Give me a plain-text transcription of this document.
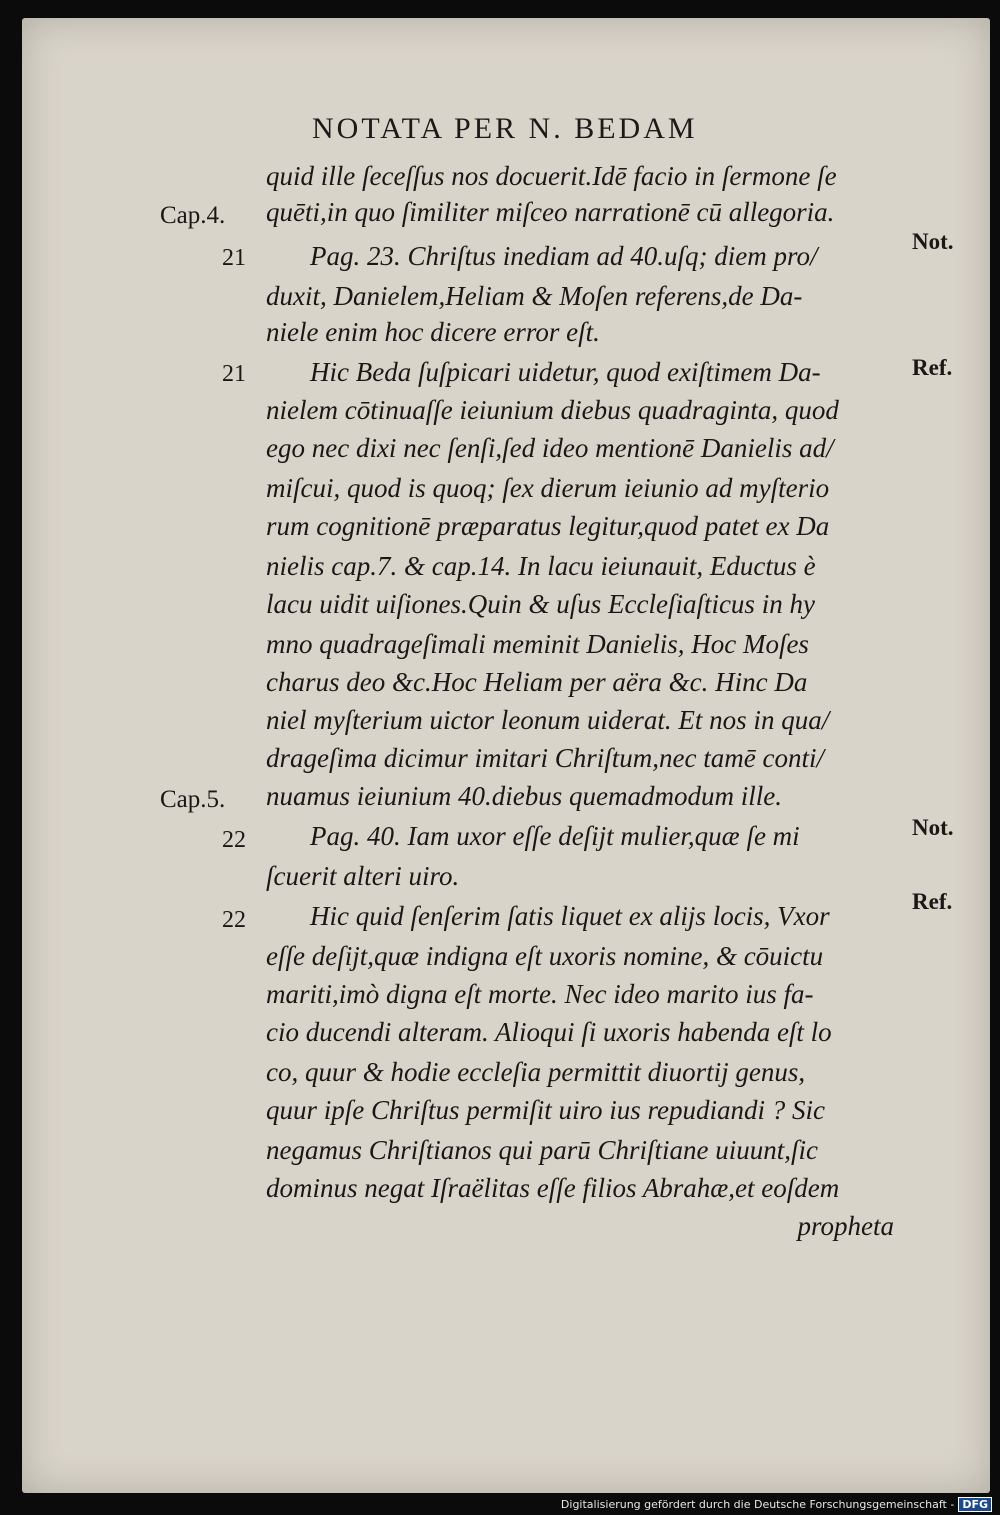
NOTATA PER N. BEDAM
quid ille ſeceſſus nos docuerit.Idē facio in ſermone ſe
quēti,in quo ſimiliter miſceo narrationē cū allegoria.
Pag. 23. Chriſtus inediam ad 40.uſq; diem pro/
duxit, Danielem,Heliam & Moſen referens,de Da-
niele enim hoc dicere error eſt.
Hic Beda ſuſpicari uidetur, quod exiſtimem Da-
nielem cōtinuaſſe ieiunium diebus quadraginta, quod
ego nec dixi nec ſenſi,ſed ideo mentionē Danielis ad/
miſcui, quod is quoq; ſex dierum ieiunio ad myſterio
rum cognitionē præparatus legitur,quod patet ex Da
nielis cap.7. & cap.14. In lacu ieiunauit, Eductus è
lacu uidit uiſiones.Quin & uſus Eccleſiaſticus in hy
mno quadrageſimali meminit Danielis, Hoc Moſes
charus deo &c.Hoc Heliam per aëra &c. Hinc Da
niel myſterium uictor leonum uiderat. Et nos in qua/
drageſima dicimur imitari Chriſtum,nec tamē conti/
nuamus ieiunium 40.diebus quemadmodum ille.
Pag. 40. Iam uxor eſſe deſijt mulier,quæ ſe mi
ſcuerit alteri uiro.
Hic quid ſenſerim ſatis liquet ex alijs locis, Vxor
eſſe deſijt,quæ indigna eſt uxoris nomine, & cōuictu
mariti,imò digna eſt morte. Nec ideo marito ius fa-
cio ducendi alteram. Alioqui ſi uxoris habenda eſt lo
co, quur & hodie eccleſia permittit diuortij genus,
quur ipſe Chriſtus permiſit uiro ius repudiandi ? Sic
negamus Chriſtianos qui parū Chriſtiane uiuunt,ſic
dominus negat Iſraëlitas eſſe filios Abrahæ,et eoſdem
propheta
Cap.4.
Cap.5.
21
21
22
22
Not.
Ref.
Not.
Ref.
Digitalisierung gefördert durch die Deutsche Forschungsgemeinschaft - DFG
